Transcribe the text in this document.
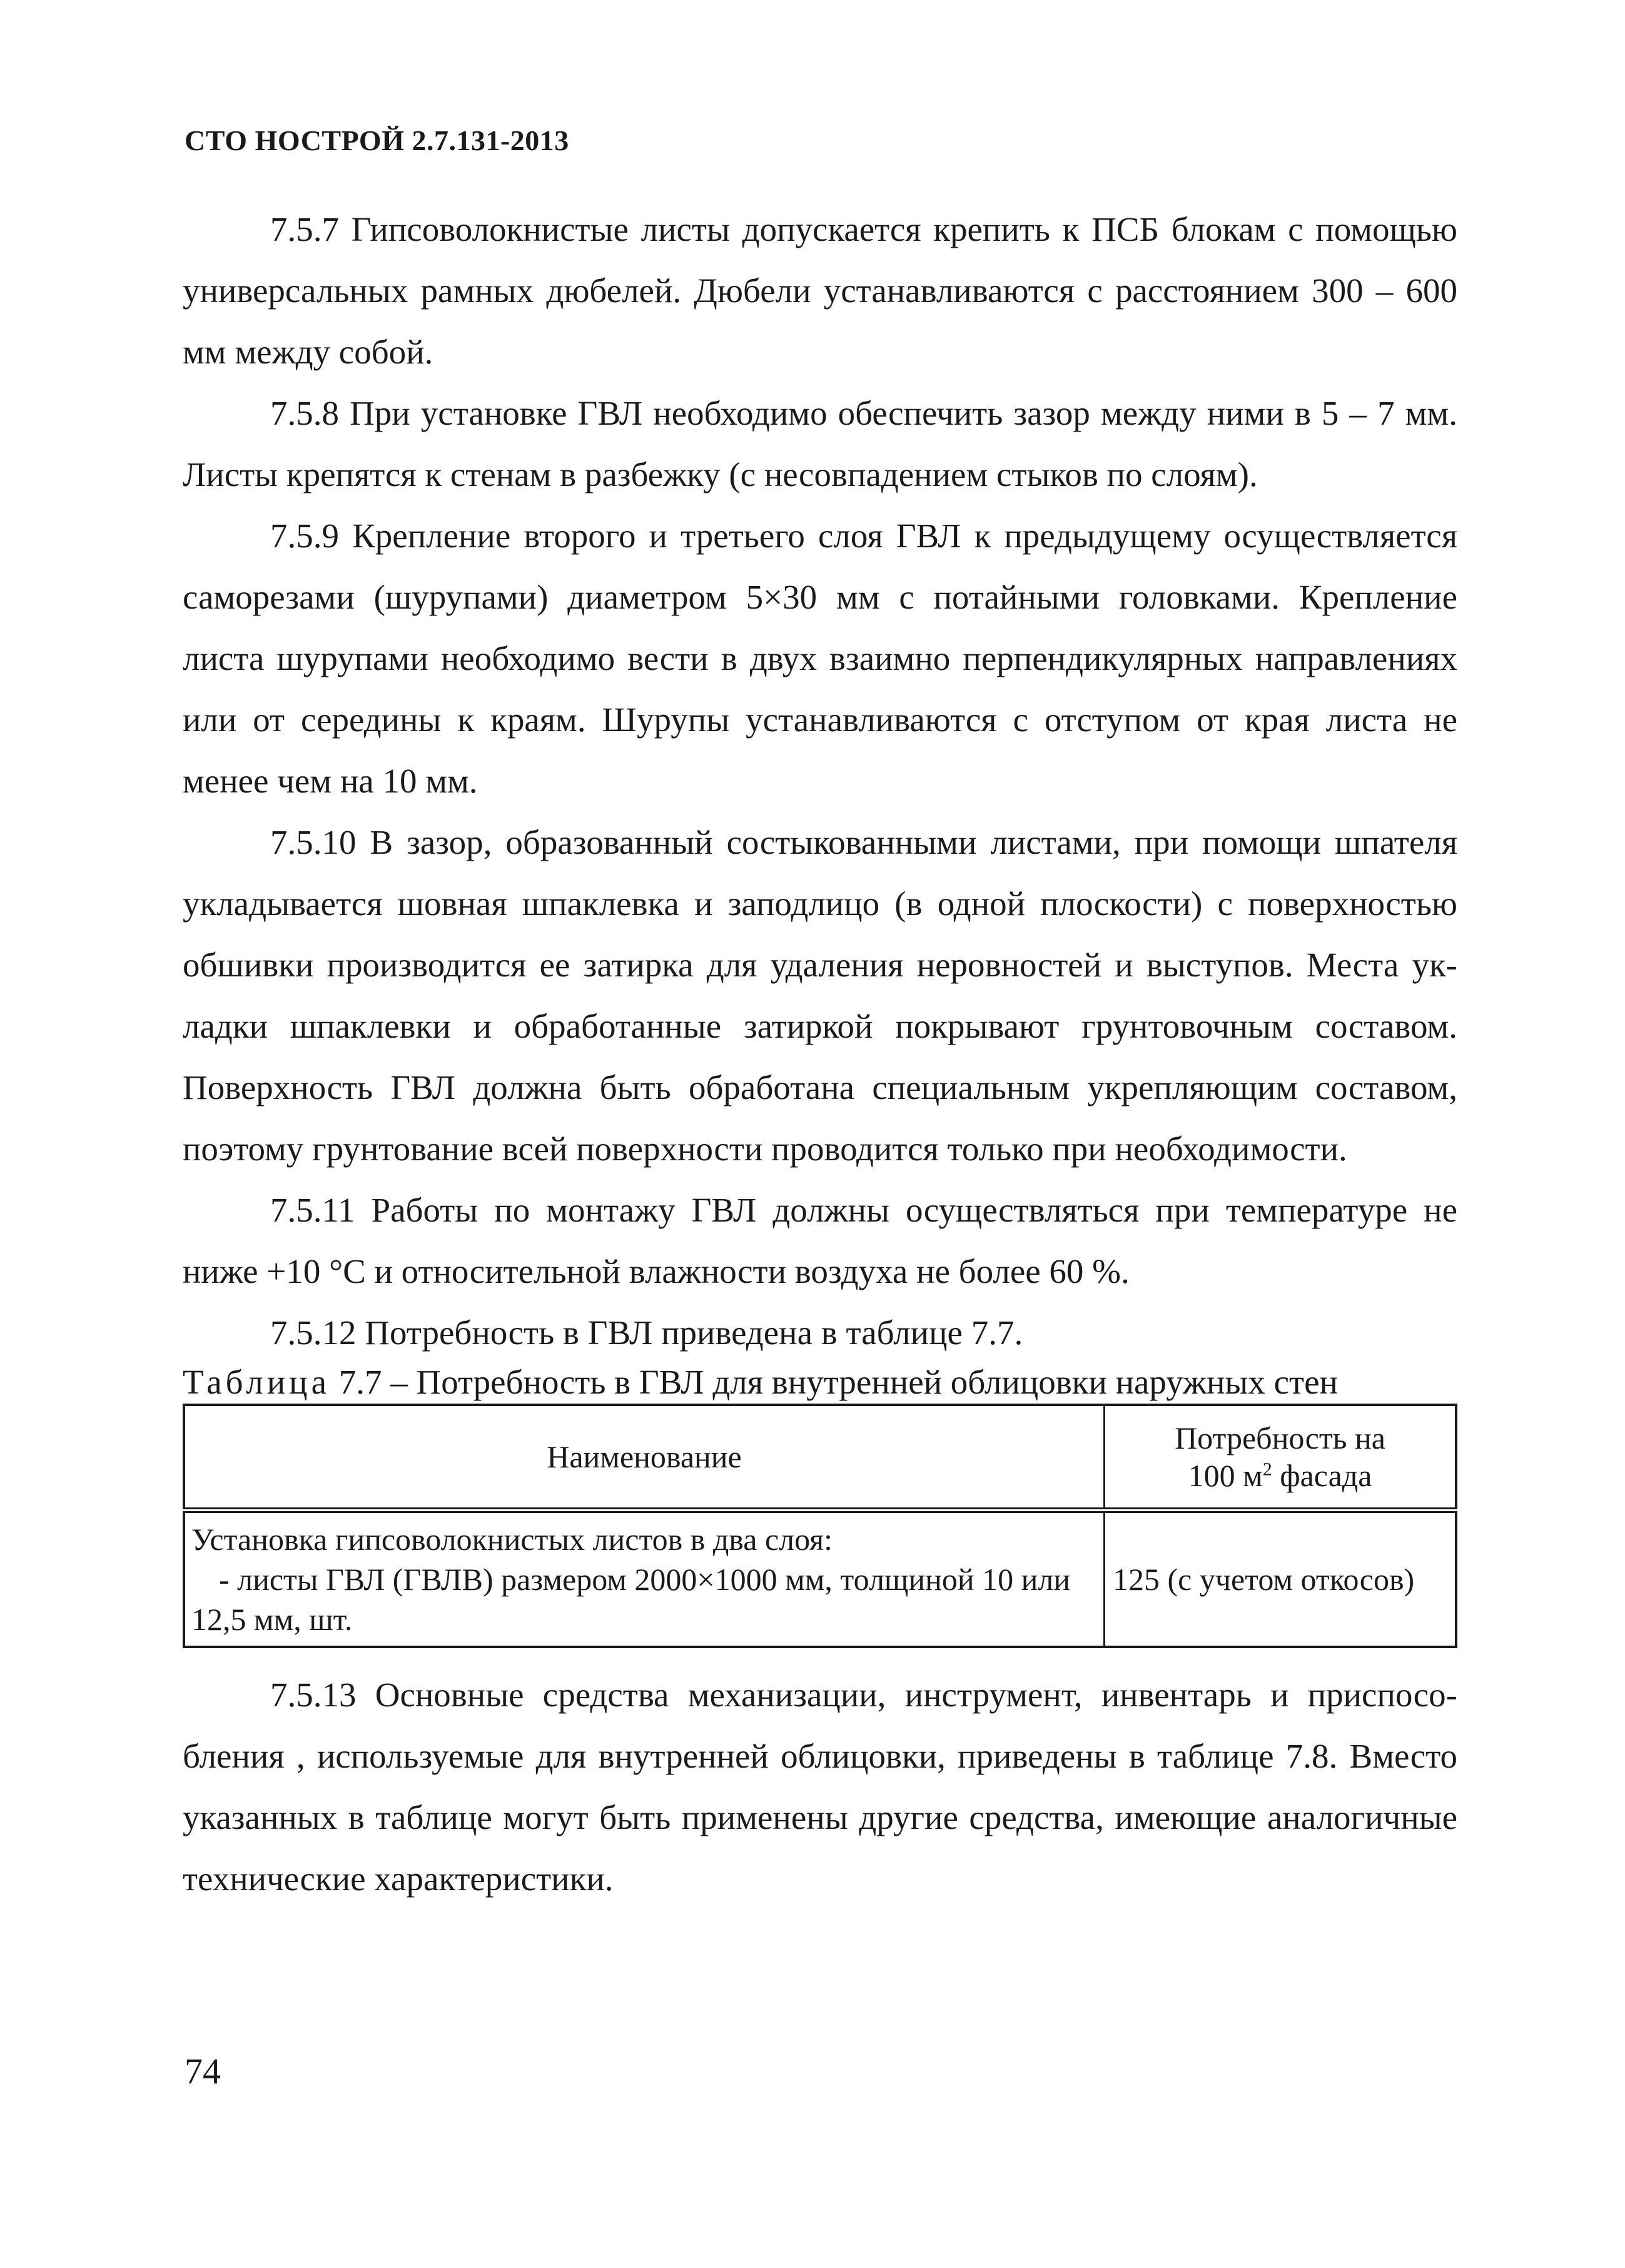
СТО НОСТРОЙ 2.7.131-2013

7.5.7 Гипсоволокнистые листы допускается крепить к ПСБ блокам с помощью универсальных рамных дюбелей. Дюбели устанавливаются с расстоянием 300 – 600 мм между собой.

7.5.8 При установке ГВЛ необходимо обеспечить зазор между ними в 5 – 7 мм. Листы крепятся к стенам в разбежку (с несовпадением стыков по слоям).

7.5.9 Крепление второго и третьего слоя ГВЛ к предыдущему осуществляется саморезами (шурупами) диаметром 5×30 мм с потайными головками. Крепление листа шурупами необходимо вести в двух взаимно перпендикулярных направлениях или от середины к краям. Шурупы устанавливаются с отступом от края листа не менее чем на 10 мм.

7.5.10 В зазор, образованный состыкованными листами, при помощи шпателя укладывается шовная шпаклевка и заподлицо (в одной плоскости) с поверхностью обшивки производится ее затирка для удаления неровностей и выступов. Места укладки шпаклевки и обработанные затиркой покрывают грунтовочным составом. Поверхность ГВЛ должна быть обработана специальным укрепляющим составом, поэтому грунтование всей поверхности проводится только при необходимости.

7.5.11 Работы по монтажу ГВЛ должны осуществляться при температуре не ниже +10 °С и относительной влажности воздуха не более 60 %.

7.5.12 Потребность в ГВЛ приведена в таблице 7.7.

Таблица 7.7 – Потребность в ГВЛ для внутренней облицовки наружных стен
Наименование	Потребность на
100 $м^2$ фасада
Установка гипсоволокнистых листов в два слоя:
- листы ГВЛ (ГВЛВ) размером 2000×1000 мм, толщиной 10 или 12,5 мм, шт.	125 (с учетом откосов)

7.5.13 Основные средства механизации, инструмент, инвентарь и приспособления , используемые для внутренней облицовки, приведены в таблице 7.8. Вместо указанных в таблице могут быть применены другие средства, имеющие аналогичные технические характеристики.

74
